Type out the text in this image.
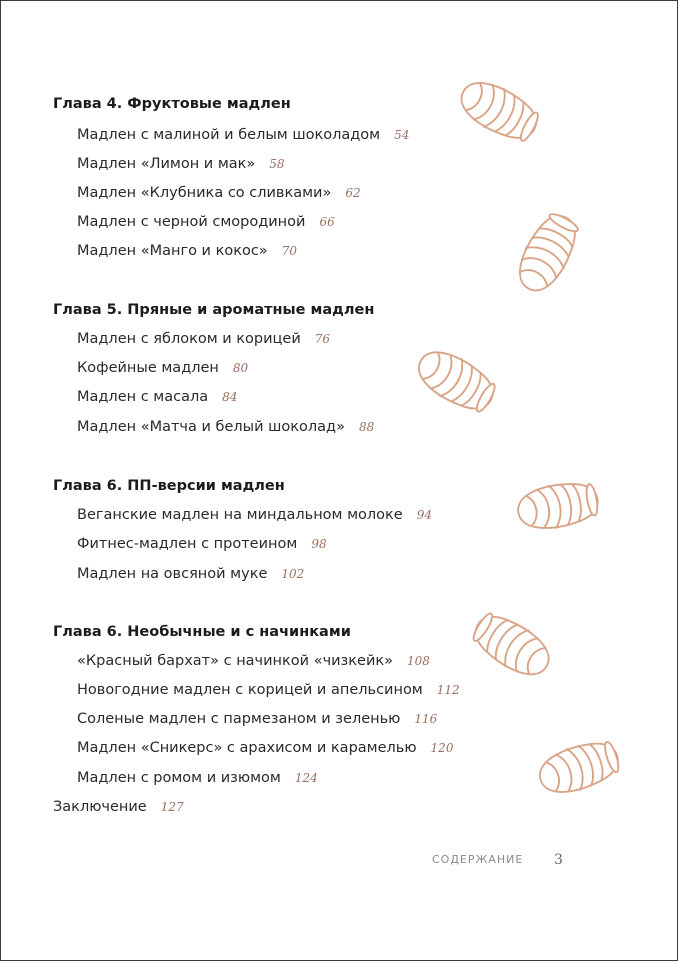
Глава 4. Фруктовые мадлен
Мадлен с малиной и белым шоколадом 54
Мадлен «Лимон и мак» 58
Мадлен «Клубника со сливками» 62
Мадлен с черной смородиной 66
Мадлен «Манго и кокос» 70
Глава 5. Пряные и ароматные мадлен
Мадлен с яблоком и корицей 76
Кофейные мадлен 80
Мадлен с масала 84
Мадлен «Матча и белый шоколад» 88
Глава 6. ПП-версии мадлен
Веганские мадлен на миндальном молоке 94
Фитнес-мадлен с протеином 98
Мадлен на овсяной муке 102
Глава 6. Необычные и с начинками
«Красный бархат» с начинкой «чизкейк» 108
Новогодние мадлен с корицей и апельсином 112
Соленые мадлен с пармезаном и зеленью 116
Мадлен «Сникерс» с арахисом и карамелью 120
Мадлен с ромом и изюмом 124
Заключение 127
СОДЕРЖАНИЕ 3
